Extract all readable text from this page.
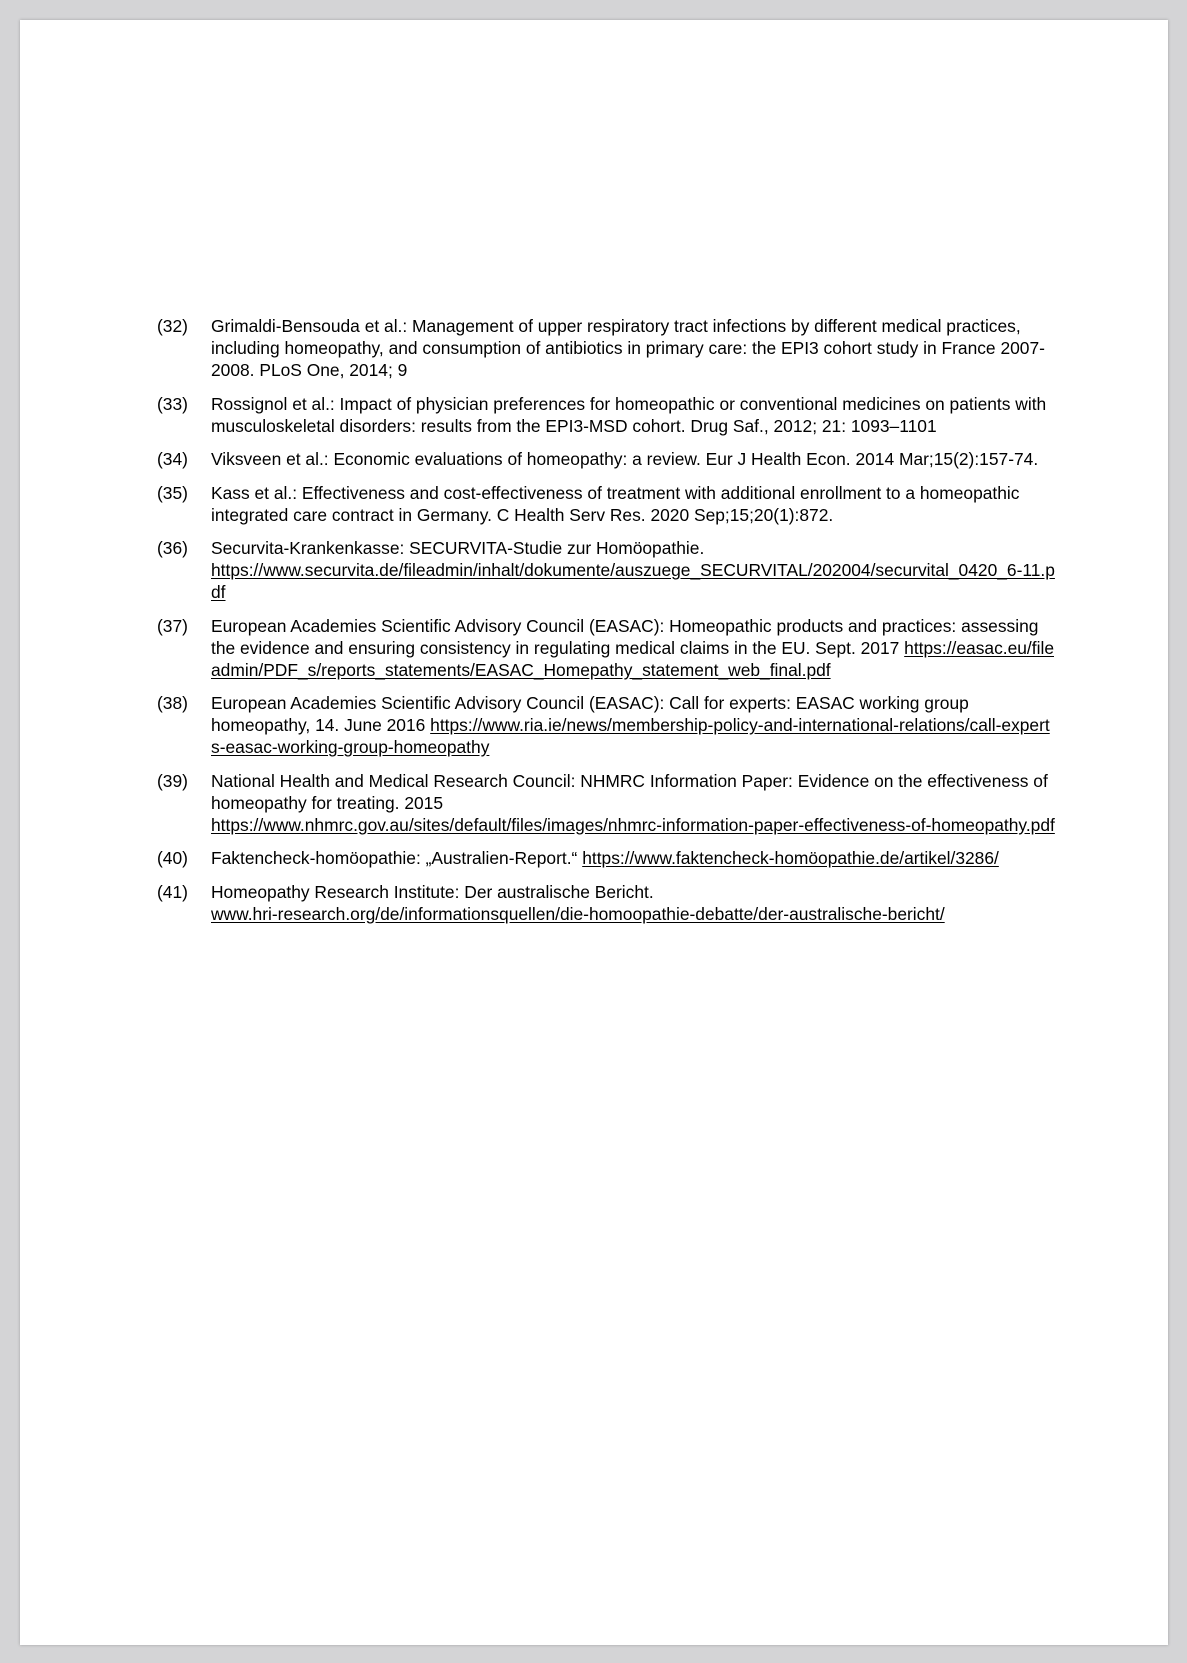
(32)	Grimaldi-Bensouda et al.: Management of upper respiratory tract infections by different medical practices, including homeopathy, and consumption of antibiotics in primary care: the EPI3 cohort study in France 2007-2008. PLoS One, 2014; 9
(33)	Rossignol et al.: Impact of physician preferences for homeopathic or conventional medicines on patients with musculoskeletal disorders: results from the EPI3-MSD cohort. Drug Saf., 2012; 21: 1093–1101
(34)	Viksveen et al.: Economic evaluations of homeopathy: a review. Eur J Health Econ. 2014 Mar;15(2):157-74.
(35)	Kass et al.: Effectiveness and cost-effectiveness of treatment with additional enrollment to a homeopathic integrated care contract in Germany. C Health Serv Res. 2020 Sep;15;20(1):872.
(36)	Securvita-Krankenkasse: SECURVITA-Studie zur Homöopathie.
https://www.securvita.de/fileadmin/inhalt/dokumente/auszuege_SECURVITAL/202004/securvital_0420_6-11.pdf
(37)	European Academies Scientific Advisory Council (EASAC): Homeopathic products and practices: assessing the evidence and ensuring consistency in regulating medical claims in the EU. Sept. 2017 https://easac.eu/fileadmin/PDF_s/reports_statements/EASAC_Homepathy_statement_web_final.pdf
(38)	European Academies Scientific Advisory Council (EASAC): Call for experts: EASAC working group homeopathy, 14. June 2016 https://www.ria.ie/news/membership-policy-and-international-relations/call-experts-easac-working-group-homeopathy
(39)	National Health and Medical Research Council: NHMRC Information Paper: Evidence on the effectiveness of homeopathy for treating. 2015
https://www.nhmrc.gov.au/sites/default/files/images/nhmrc-information-paper-effectiveness-of-homeopathy.pdf
(40)	Faktencheck-homöopathie: „Australien-Report.“ https://www.faktencheck-homöopathie.de/artikel/3286/
(41)	Homeopathy Research Institute: Der australische Bericht.
www.hri-research.org/de/informationsquellen/die-homoopathie-debatte/der-australische-bericht/
